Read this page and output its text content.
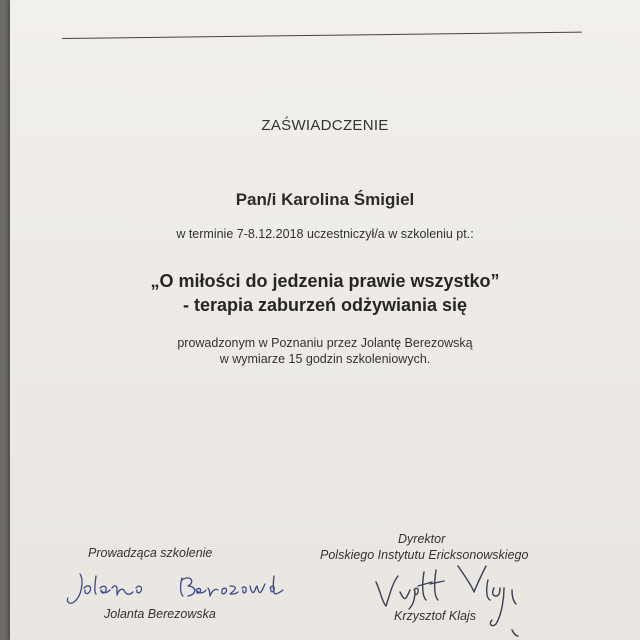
ZAŚWIADCZENIE
Pan/i Karolina Śmigiel
w terminie 7-8.12.2018 uczestniczył/a w szkoleniu pt.:
„O miłości do jedzenia prawie wszystko”
- terapia zaburzeń odżywiania się
prowadzonym w Poznaniu przez Jolantę Berezowską
w wymiarze 15 godzin szkoleniowych.
Prowadząca szkolenie
Jolanta Berezowska
Dyrektor
Polskiego Instytutu Ericksonowskiego
Krzysztof Klajs
